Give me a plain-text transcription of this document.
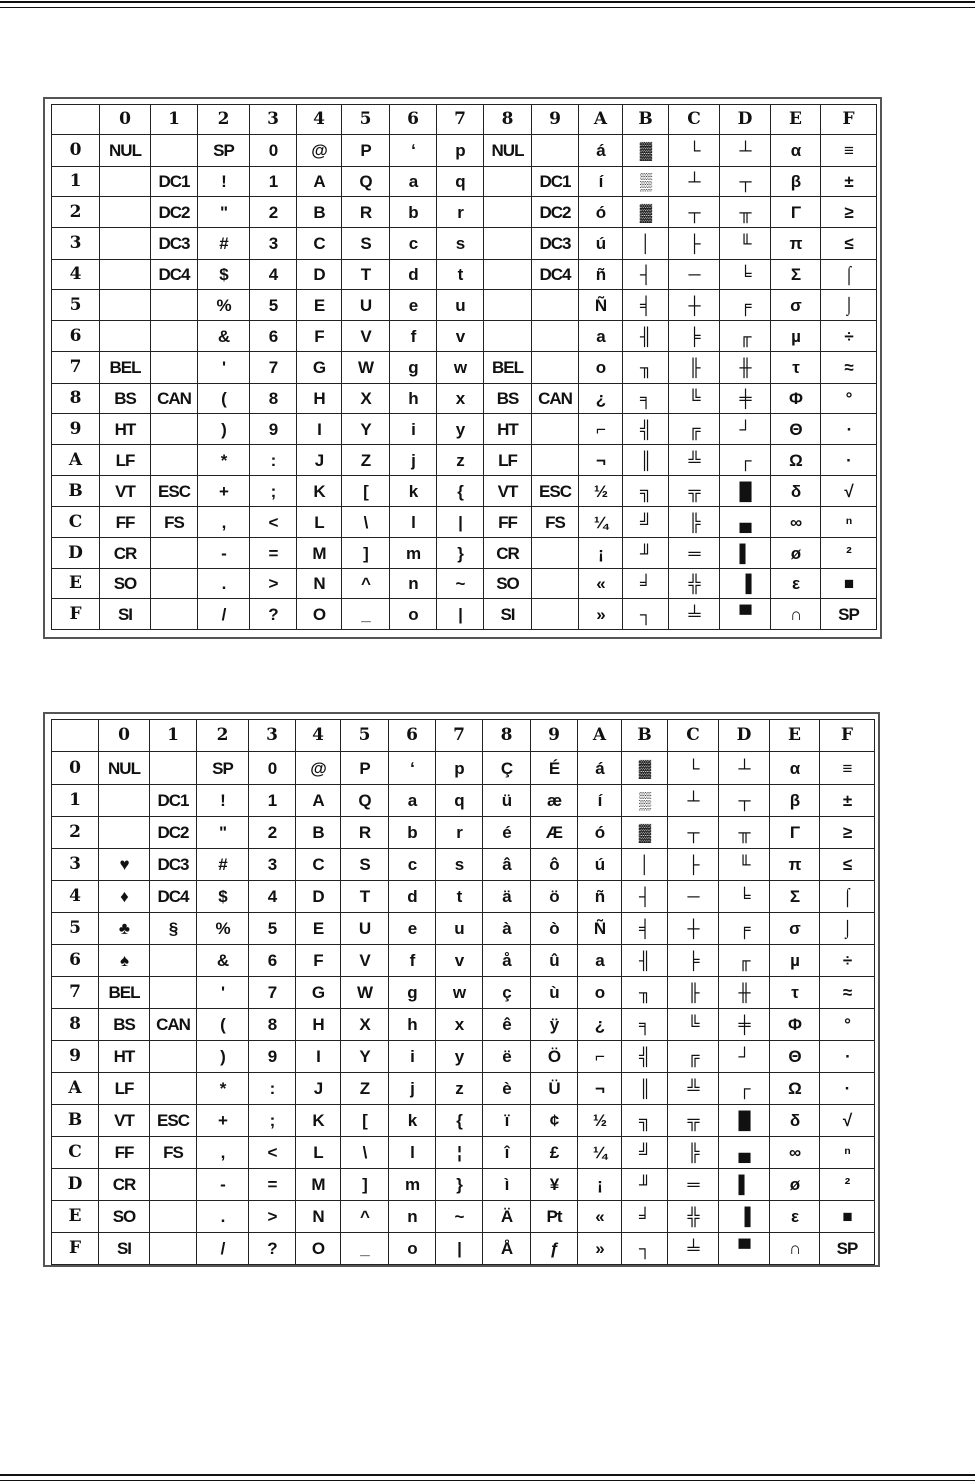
	0	1	2	3	4	5	6	7	8	9	A	B	C	D	E	F
0	NUL		SP	0	@	P	ʻ	p	NUL		á	▓	└	┴	α	≡
1		DC1	!	1	A	Q	a	q		DC1	í	▒	┴	┬	β	±
2		DC2	"	2	B	R	b	r		DC2	ó	▓	┬	╥	Γ	≥
3		DC3	#	3	C	S	c	s		DC3	ú	│	├	╙	π	≤
4		DC4	$	4	D	T	d	t		DC4	ñ	┤	─	╘	Σ	⌠
5			%	5	E	U	e	u			Ñ	╡	┼	╒	σ	⌡
6			&	6	F	V	f	v			a	╢	╞	╓	µ	÷
7	BEL		'	7	G	W	g	w	BEL		o	╖	╟	╫	τ	≈
8	BS	CAN	(	8	H	X	h	x	BS	CAN	¿	╕	╚	╪	Φ	°
9	HT		)	9	I	Y	i	y	HT		⌐	╣	╔	┘	Θ	∙
A	LF		*	:	J	Z	j	z	LF		¬	║	╩	┌	Ω	·
B	VT	ESC	+	;	K	[	k	{	VT	ESC	½	╗	╦	█	δ	√
C	FF	FS	,	<	L	\	l	|	FF	FS	¼	╝	╠	▄	∞	ⁿ
D	CR		-	=	M	]	m	}	CR		¡	╜	═	▌	ø	²
E	SO		.	>	N	^	n	~	SO		«	╛	╬	▐	ε	■
F	SI		/	?	O	_	o	|	SI		»	┐	╧	▀	∩	SP
	0	1	2	3	4	5	6	7	8	9	A	B	C	D	E	F
0	NUL		SP	0	@	P	ʻ	p	Ç	É	á	▓	└	┴	α	≡
1		DC1	!	1	A	Q	a	q	ü	æ	í	▒	┴	┬	β	±
2		DC2	"	2	B	R	b	r	é	Æ	ó	▓	┬	╥	Γ	≥
3	♥	DC3	#	3	C	S	c	s	â	ô	ú	│	├	╙	π	≤
4	♦	DC4	$	4	D	T	d	t	ä	ö	ñ	┤	─	╘	Σ	⌠
5	♣	§	%	5	E	U	e	u	à	ò	Ñ	╡	┼	╒	σ	⌡
6	♠		&	6	F	V	f	v	å	û	a	╢	╞	╓	µ	÷
7	BEL		'	7	G	W	g	w	ç	ù	o	╖	╟	╫	τ	≈
8	BS	CAN	(	8	H	X	h	x	ê	ÿ	¿	╕	╚	╪	Φ	°
9	HT		)	9	I	Y	i	y	ë	Ö	⌐	╣	╔	┘	Θ	∙
A	LF		*	:	J	Z	j	z	è	Ü	¬	║	╩	┌	Ω	·
B	VT	ESC	+	;	K	[	k	{	ï	¢	½	╗	╦	█	δ	√
C	FF	FS	,	<	L	\	l	¦	î	£	¼	╝	╠	▄	∞	ⁿ
D	CR		-	=	M	]	m	}	ì	¥	¡	╜	═	▌	ø	²
E	SO		.	>	N	^	n	~	Ä	Pt	«	╛	╬	▐	ε	■
F	SI		/	?	O	_	o	|	Å	ƒ	»	┐	╧	▀	∩	SP
